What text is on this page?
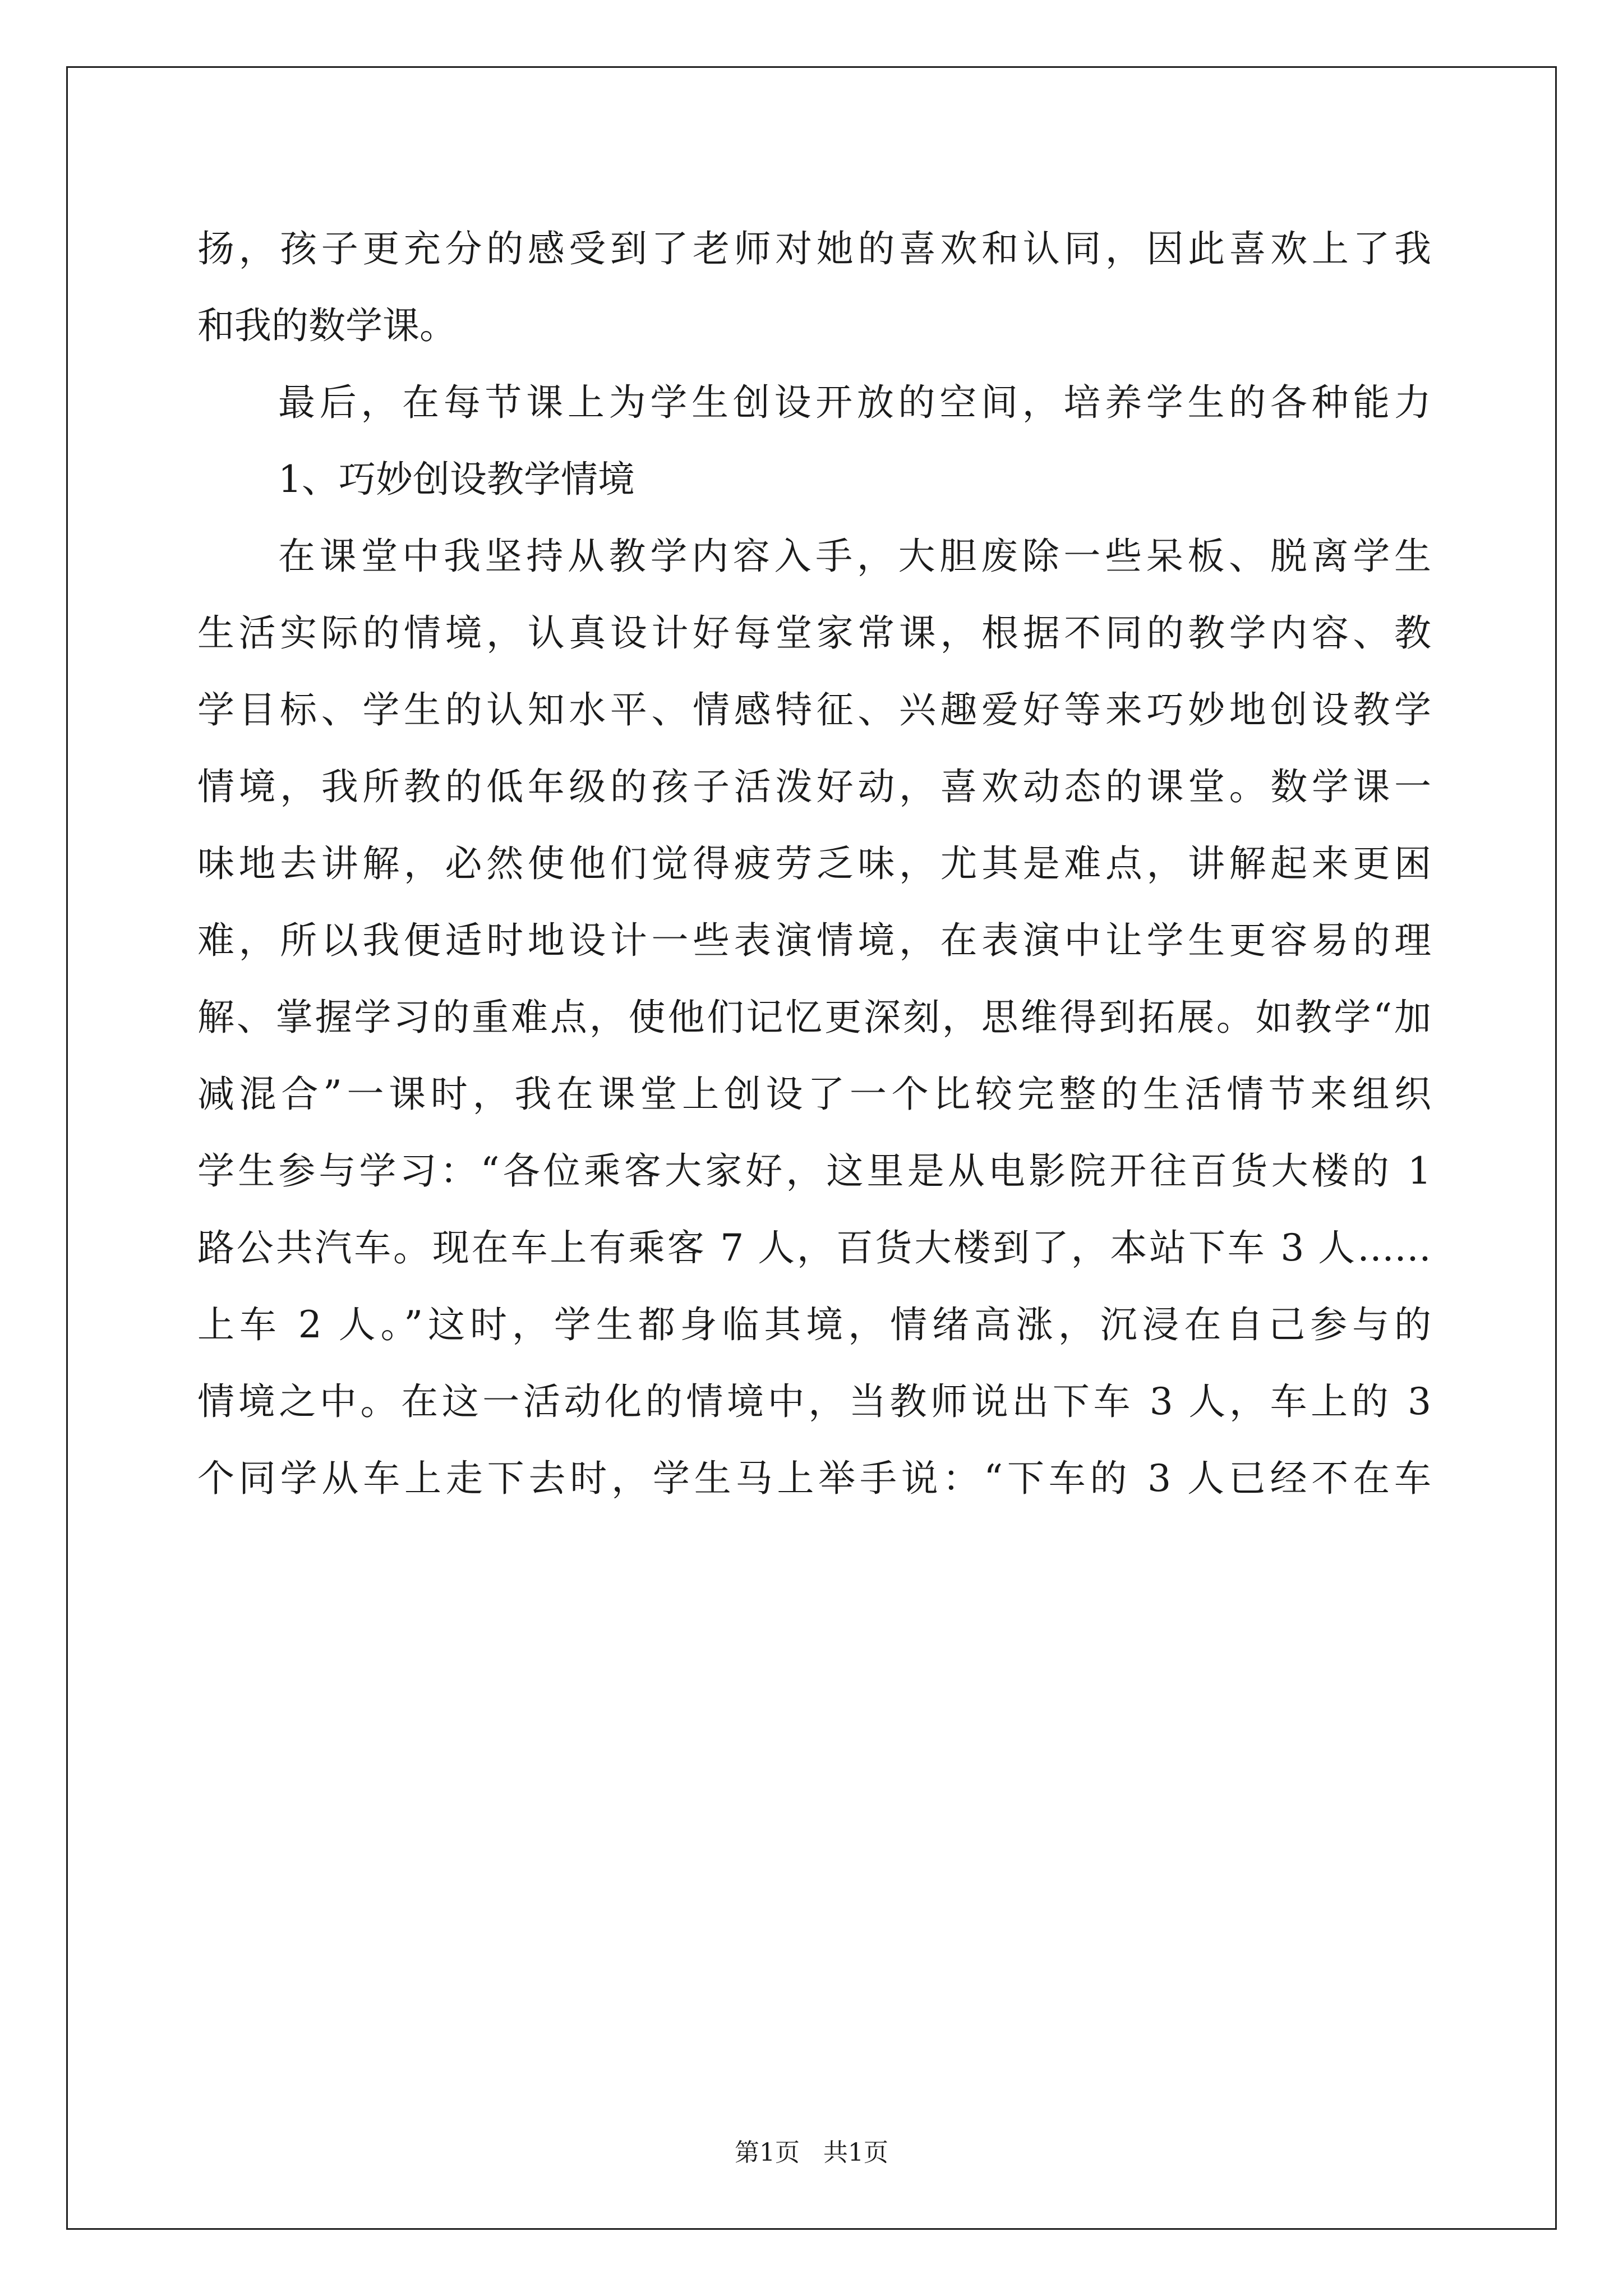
扬，孩子更充分的感受到了老师对她的喜欢和认同，因此喜欢上了我
和我的数学课。
最后，在每节课上为学生创设开放的空间，培养学生的各种能力
1、巧妙创设教学情境
在课堂中我坚持从教学内容入手，大胆废除一些呆板、脱离学生
生活实际的情境，认真设计好每堂家常课，根据不同的教学内容、教
学目标、学生的认知水平、情感特征、兴趣爱好等来巧妙地创设教学
情境，我所教的低年级的孩子活泼好动，喜欢动态的课堂。数学课一
味地去讲解，必然使他们觉得疲劳乏味，尤其是难点，讲解起来更困
难，所以我便适时地设计一些表演情境，在表演中让学生更容易的理
解、掌握学习的重难点，使他们记忆更深刻，思维得到拓展。如教学“加
减混合”一课时，我在课堂上创设了一个比较完整的生活情节来组织
学生参与学习：“各位乘客大家好，这里是从电影院开往百货大楼的 1
路公共汽车。现在车上有乘客 7 人，百货大楼到了，本站下车 3 人……
上车 2 人。”这时，学生都身临其境，情绪高涨，沉浸在自己参与的
情境之中。在这一活动化的情境中，当教师说出下车 3 人，车上的 3
个同学从车上走下去时，学生马上举手说：“下车的 3 人已经不在车
第1页 共1页
